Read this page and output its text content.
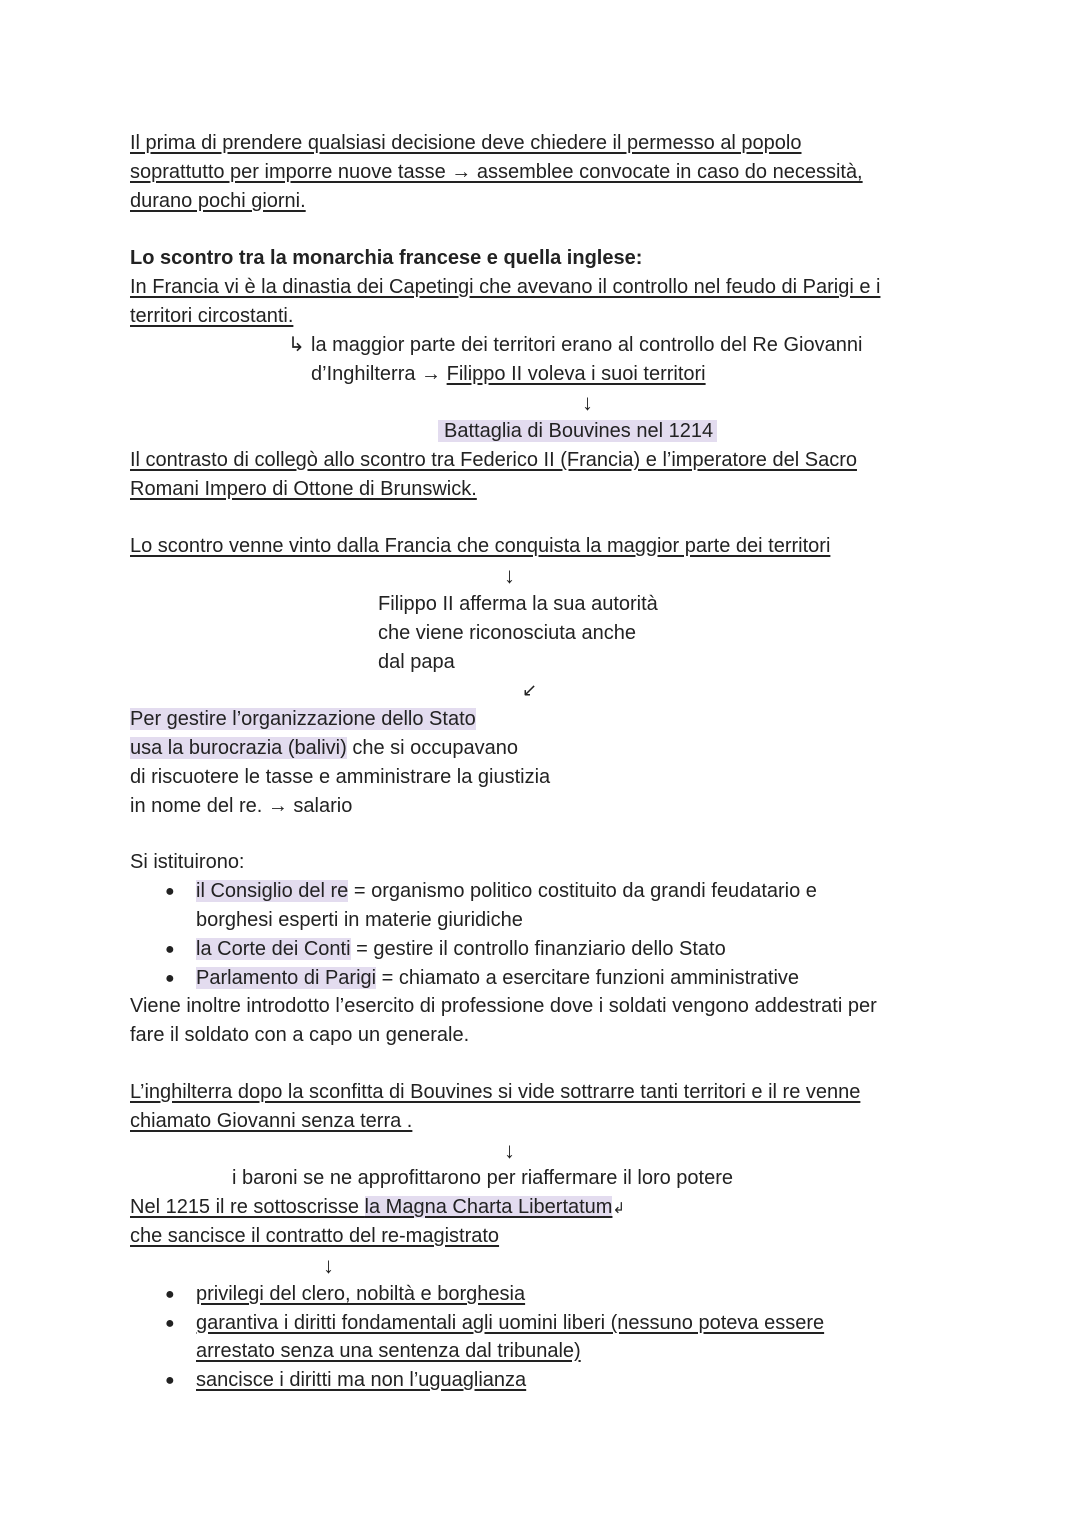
Il prima di prendere qualsiasi decisione deve chiedere il permesso al popolo
soprattutto per imporre nuove tasse → assemblee convocate in caso do necessità,
durano pochi giorni.
Lo scontro tra la monarchia francese e quella inglese:
In Francia vi è la dinastia dei Capetingi che avevano il controllo nel feudo di Parigi e i
territori circostanti.
↳ la maggior parte dei territori erano al controllo del Re Giovanni
d’Inghilterra → Filippo II voleva i suoi territori
↓
Battaglia di Bouvines nel 1214
Il contrasto di collegò allo scontro tra Federico II (Francia) e l’imperatore del Sacro
Romani Impero di Ottone di Brunswick.
Lo scontro venne vinto dalla Francia che conquista la maggior parte dei territori
↓
Filippo II afferma la sua autorità
che viene riconosciuta anche
dal papa
↙
Per gestire l’organizzazione dello Stato
usa la burocrazia (balivi) che si occupavano
di riscuotere le tasse e amministrare la giustizia
in nome del re. → salario
Si istituirono:
● il Consiglio del re = organismo politico costituito da grandi feudatario e
borghesi esperti in materie giuridiche
● la Corte dei Conti = gestire il controllo finanziario dello Stato
● Parlamento di Parigi = chiamato a esercitare funzioni amministrative
Viene inoltre introdotto l’esercito di professione dove i soldati vengono addestrati per
fare il soldato con a capo un generale.
L’inghilterra dopo la sconfitta di Bouvines si vide sottrarre tanti territori e il re venne
chiamato Giovanni senza terra .
↓
i baroni se ne approfittarono per riaffermare il loro potere
Nel 1215 il re sottoscrisse la Magna Charta Libertatum↲
che sancisce il contratto del re-magistrato
↓
● privilegi del clero, nobiltà e borghesia
● garantiva i diritti fondamentali agli uomini liberi (nessuno poteva essere
arrestato senza una sentenza dal tribunale)
● sancisce i diritti ma non l’uguaglianza
